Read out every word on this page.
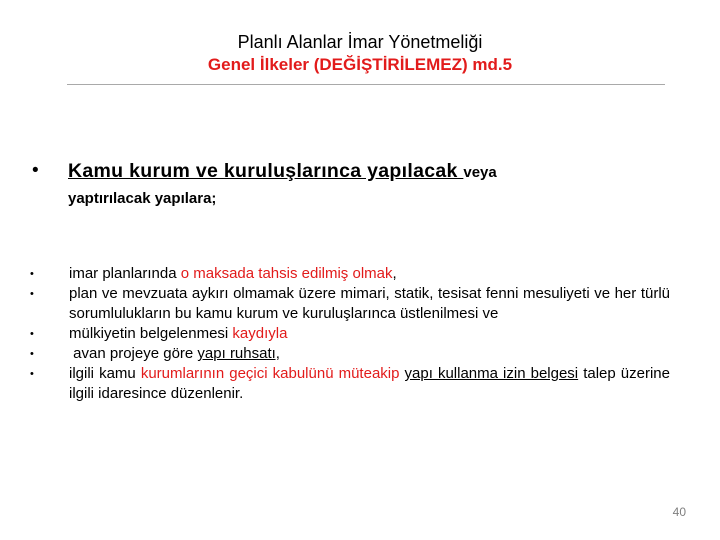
Planlı Alanlar İmar Yönetmeliği
Genel İlkeler (DEĞİŞTİRİLEMEZ) md.5
• Kamu kurum ve kuruluşlarınca yapılacak veya
yaptırılacak yapılara;
• imar planlarında o maksada tahsis edilmiş olmak,
• plan ve mevzuata aykırı olmamak üzere mimari, statik, tesisat fenni mesuliyeti ve her türlü sorumlulukların bu kamu kurum ve kuruluşlarınca üstlenilmesi ve
• mülkiyetin belgelenmesi kaydıyla
• avan projeye göre yapı ruhsatı,
• ilgili kamu kurumlarının geçici kabulünü müteakip yapı kullanma izin belgesi talep üzerine ilgili idaresince düzenlenir.
40
